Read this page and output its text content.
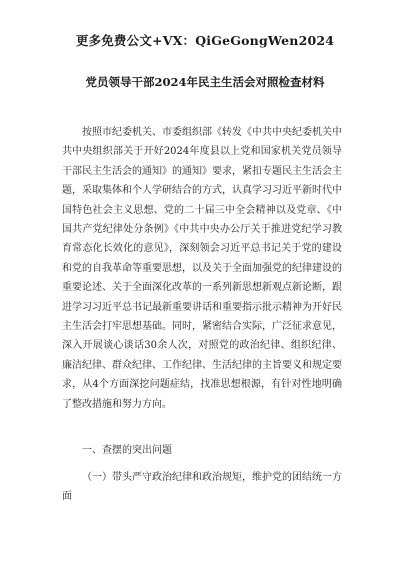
更多免费公文+VX：QiGeGongWen2024
党员领导干部2024年民主生活会对照检查材料

按照市纪委机关、市委组织部《转发《中共中央纪委机关中共中央组织部关于开好2024年度县以上党和国家机关党员领导干部民主生活会的通知》的通知》要求，紧扣专题民主生活会主题，采取集体和个人学研结合的方式，认真学习习近平新时代中国特色社会主义思想、党的二十届三中全会精神以及党章、《中国共产党纪律处分条例》《中共中央办公厅关于推进党纪学习教育常态化长效化的意见》，深刻领会习近平总书记关于党的建设和党的自我革命等重要思想，以及关于全面加强党的纪律建设的重要论述、关于全面深化改革的一系列新思想新观点新论断，跟进学习习近平总书记最新重要讲话和重要指示批示精神为开好民主生活会打牢思想基础。同时，紧密结合实际，广泛征求意见，深入开展谈心谈话30余人次，对照党的政治纪律、组织纪律、廉洁纪律、群众纪律、工作纪律、生活纪律的主旨要义和规定要求，从4个方面深挖问题症结，找准思想根源，有针对性地明确了整改措施和努力方向。

一、查摆的突出问题

（一）带头严守政治纪律和政治规矩，维护党的团结统一方面
